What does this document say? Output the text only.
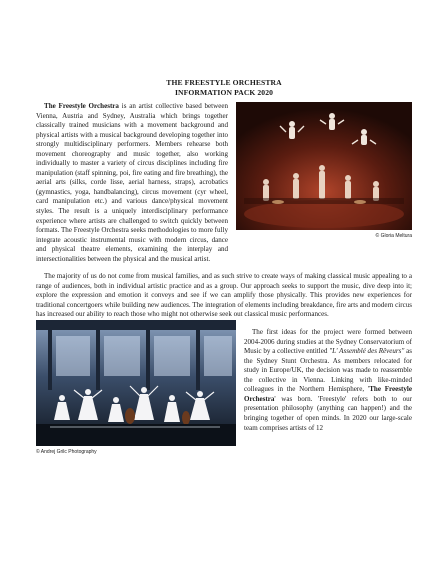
THE FREESTYLE ORCHESTRA
INFORMATION PACK 2020
© Gloria Meltura

The Freestyle Orchestra is an artist collective based between Vienna, Austria and Sydney, Australia which brings together classically trained musicians with a movement background and physical artists with a musical background developing together into strongly multidisciplinary performers. Members rehearse both movement choreography and music together, also working individually to master a variety of circus disciplines including fire manipulation (staff spinning, poi, fire eating and fire breathing), the aerial arts (silks, corde lisse, aerial harness, straps), acrobatics (gymnastics, yoga, handbalancing), circus movement (cyr wheel, card manipulation etc.) and various dance/physical movement styles. The result is a uniquely interdisciplinary performance experience where artists are challenged to switch quickly between formats. The Freestyle Orchestra seeks methodologies to more fully integrate acoustic instrumental music with modern circus, dance and physical theatre elements, examining the interplay and intersectionalities between the physical and the musical artist.

The majority of us do not come from musical families, and as such strive to create ways of making classical music appealing to a range of audiences, both in individual artistic practice and as a group. Our approach seeks to support the music, dive deep into it; explore the expression and emotion it conveys and see if we can amplify those physically. This provides new experiences for traditional concertgoers while building new audiences. The integration of elements including breakdance, fire arts and modern circus has increased our ability to reach those who might not otherwise seek out classical music performances.

© Andrej Grilc Photography

The first ideas for the project were formed between 2004-2006 during studies at the Sydney Conservatorium of Music by a collective entitled "L' Assemblé des Rêveurs" as the Sydney Stunt Orchestra. As members relocated for study in Europe/UK, the decision was made to reassemble the collective in Vienna. Linking with like-minded colleagues in the Northern Hemisphere, 'The Freestyle Orchestra' was born. 'Freestyle' refers both to our presentation philosophy (anything can happen!) and the bringing together of open minds. In 2020 our large-scale team comprises artists of 12
